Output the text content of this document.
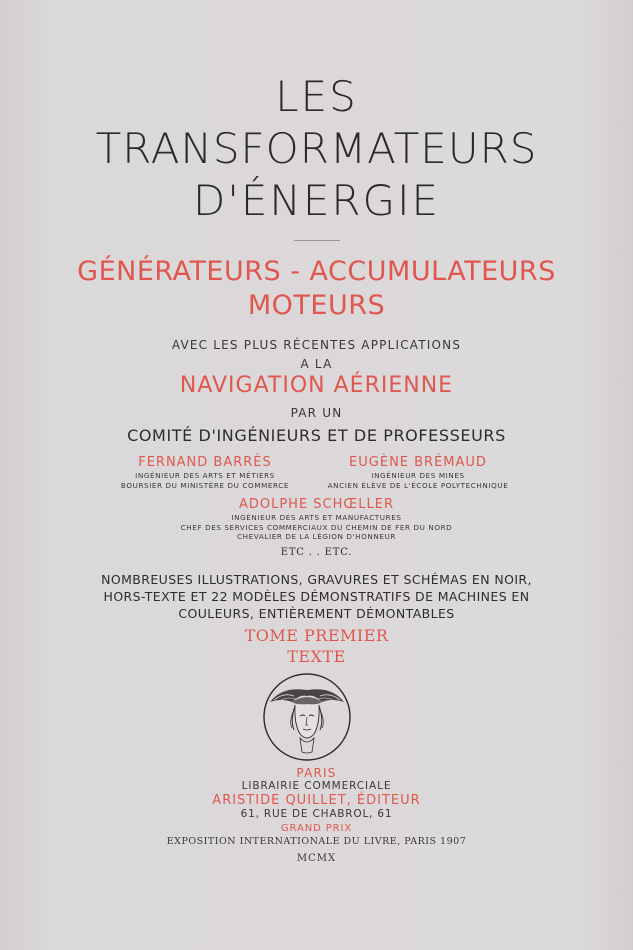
LES
TRANSFORMATEURS
D'ÉNERGIE
GÉNÉRATEURS - ACCUMULATEURS
MOTEURS
AVEC LES PLUS RÉCENTES APPLICATIONS
A LA
NAVIGATION AÉRIENNE
PAR UN
COMITÉ D'INGÉNIEURS ET DE PROFESSEURS
FERNAND BARRÈS
INGÉNIEUR DES ARTS ET MÉTIERS
BOURSIER DU MINISTÈRE DU COMMERCE
EUGÈNE BRÉMAUD
INGÉNIEUR DES MINES
ANCIEN ÉLÈVE DE L'ÉCOLE POLYTECHNIQUE
ADOLPHE SCHŒLLER
INGÉNIEUR DES ARTS ET MANUFACTURES
CHEF DES SERVICES COMMERCIAUX DU CHEMIN DE FER DU NORD
CHEVALIER DE LA LÉGION D'HONNEUR
ETC . . ETC.
NOMBREUSES ILLUSTRATIONS, GRAVURES ET SCHÉMAS EN NOIR,
HORS-TEXTE ET 22 MODÈLES DÉMONSTRATIFS DE MACHINES EN
COULEURS, ENTIÈREMENT DÉMONTABLES
TOME PREMIER
TEXTE
PARIS
LIBRAIRIE COMMERCIALE
ARISTIDE QUILLET, ÉDITEUR
61, RUE DE CHABROL, 61
GRAND PRIX
EXPOSITION INTERNATIONALE DU LIVRE, PARIS 1907
MCMX
